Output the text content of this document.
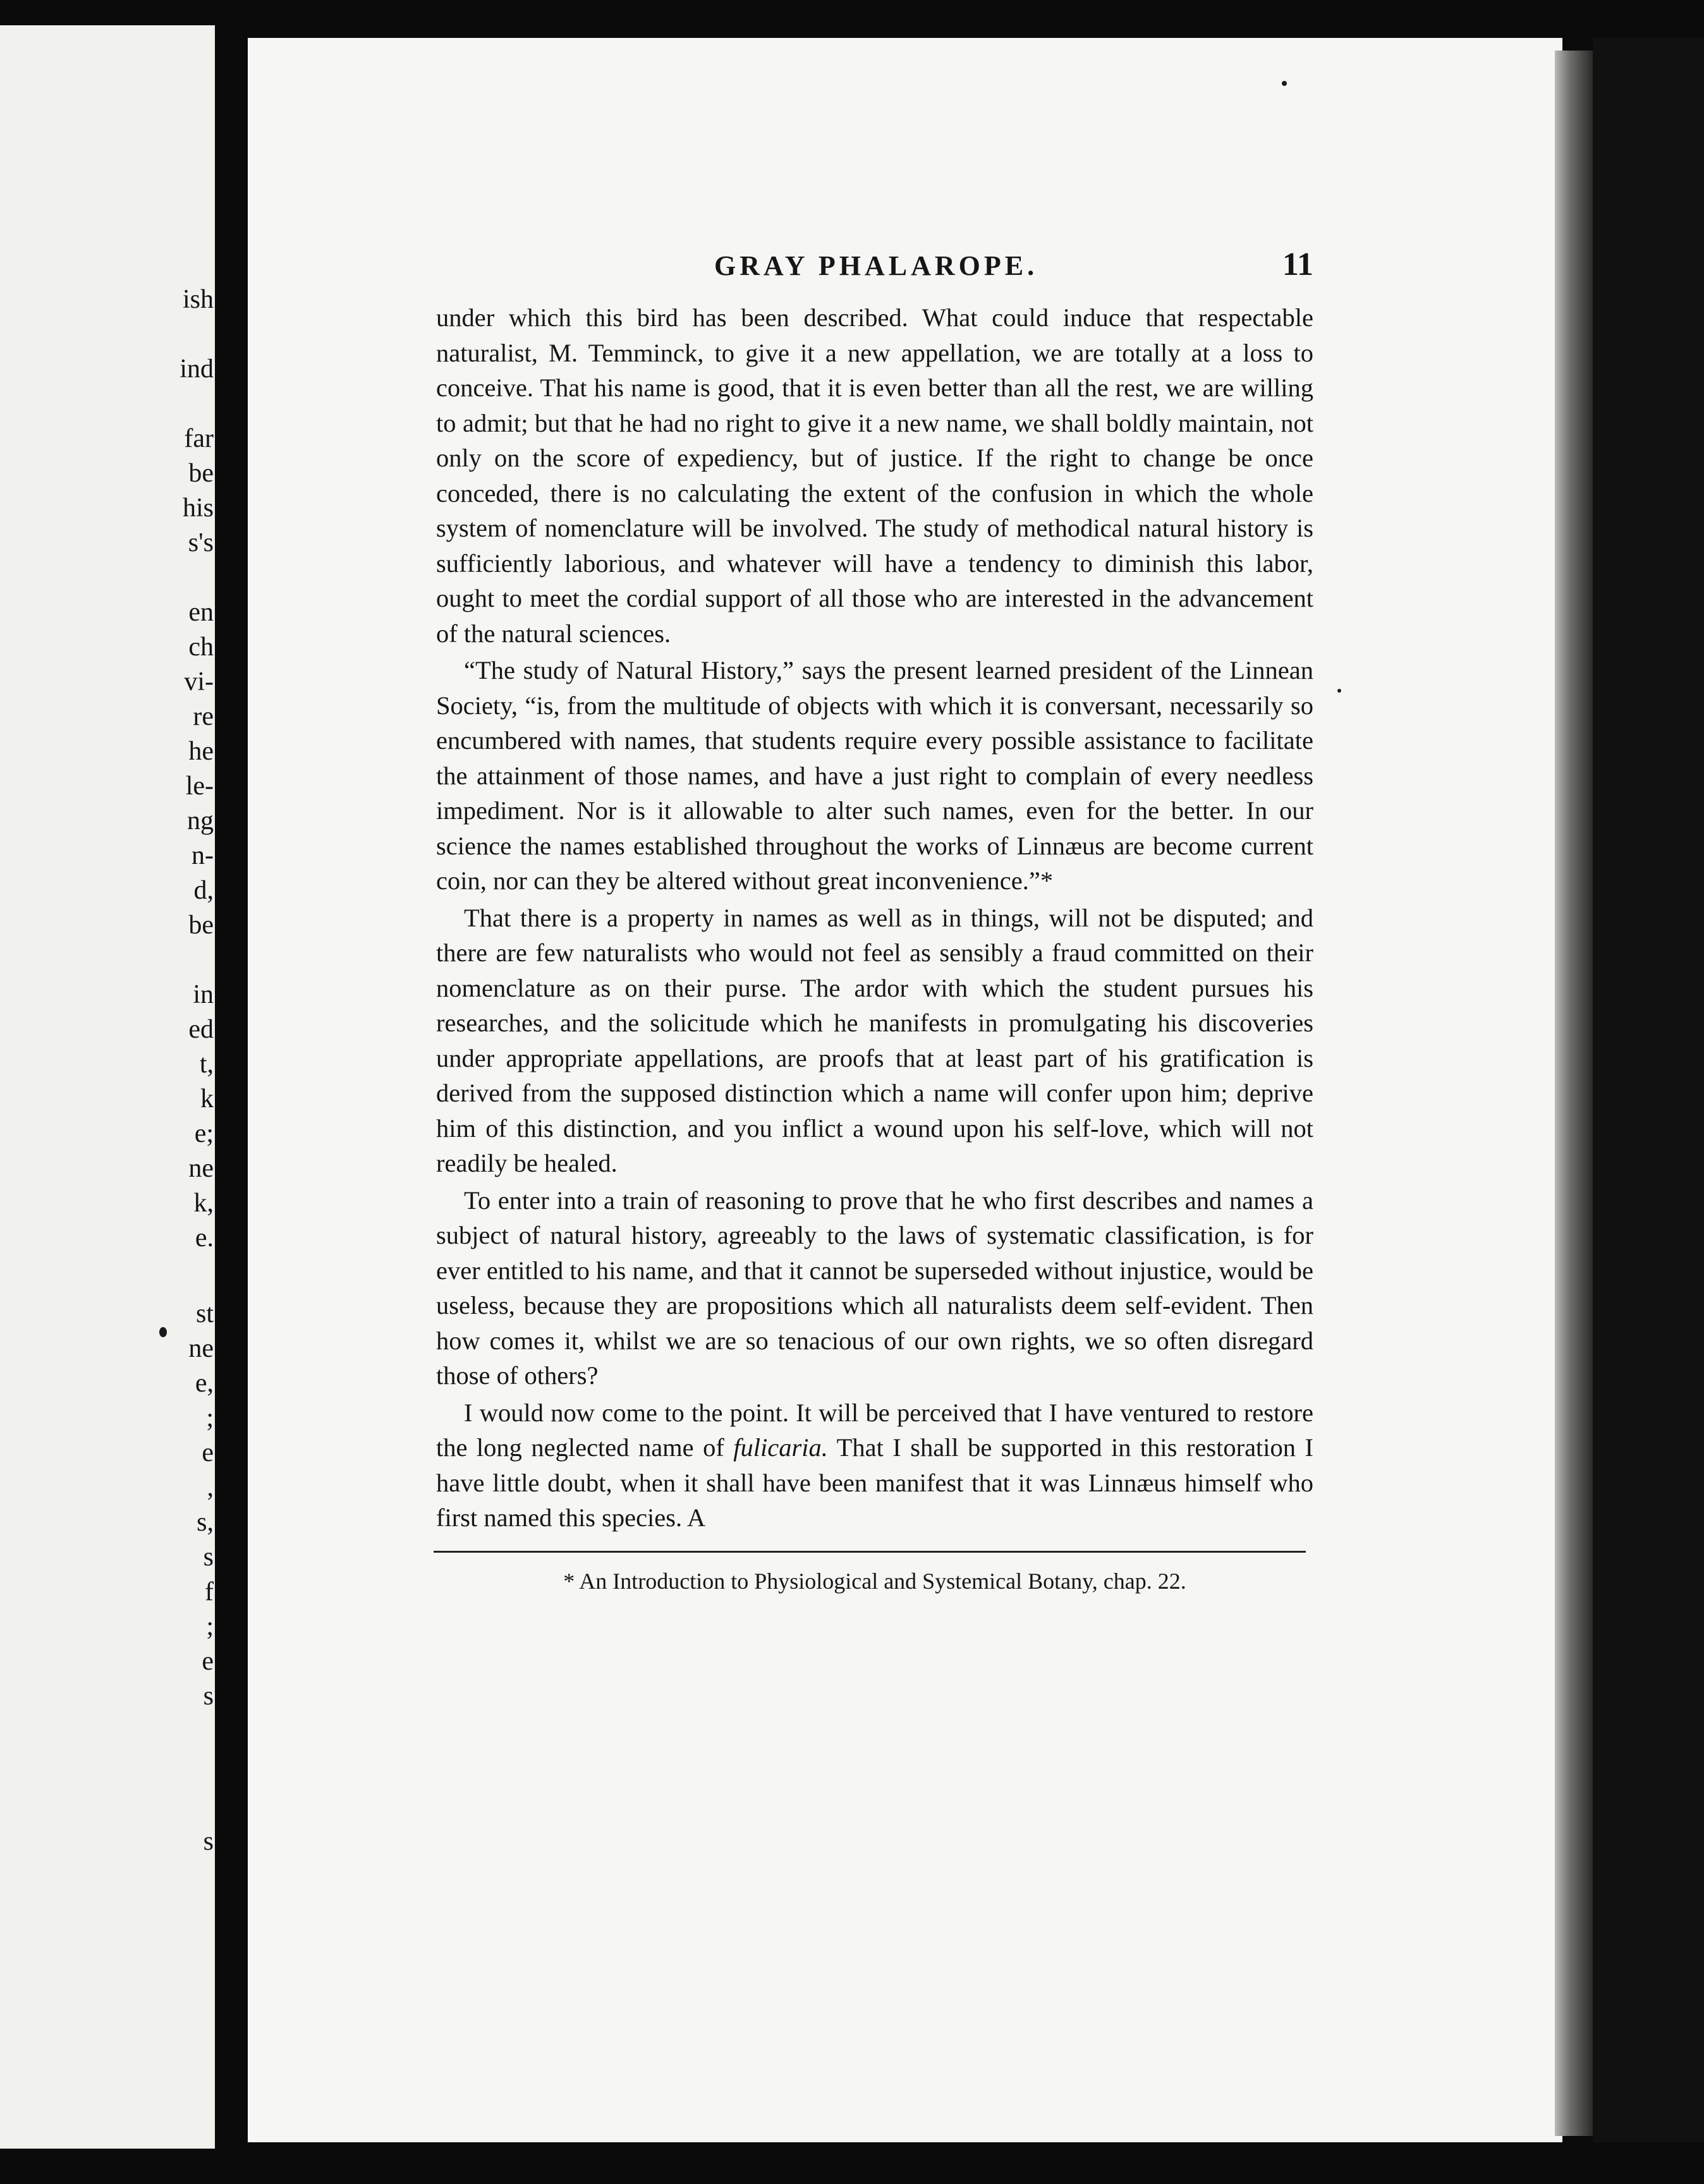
ish
ind
far
be
his
s's
en
ch
vi-
re
he
le-
ng
n-
d,
be
in
ed
t,
k
e;
ne
k,
e.
st
ne
e,
;
e
,
s,
s
f
;
e
s
s
GRAY PHALAROPE.	11

under which this bird has been described. What could induce that respectable naturalist, M. Temminck, to give it a new appellation, we are totally at a loss to conceive. That his name is good, that it is even better than all the rest, we are willing to admit; but that he had no right to give it a new name, we shall boldly maintain, not only on the score of expediency, but of justice. If the right to change be once conceded, there is no calculating the extent of the confusion in which the whole system of nomenclature will be involved. The study of methodical natural history is sufficiently laborious, and whatever will have a tendency to diminish this labor, ought to meet the cordial support of all those who are interested in the advancement of the natural sciences.

“The study of Natural History,” says the present learned president of the Linnean Society, “is, from the multitude of objects with which it is conversant, necessarily so encumbered with names, that students require every possible assistance to facilitate the attainment of those names, and have a just right to complain of every needless impediment. Nor is it allowable to alter such names, even for the better. In our science the names established throughout the works of Linnæus are become current coin, nor can they be altered without great inconvenience.”*

That there is a property in names as well as in things, will not be disputed; and there are few naturalists who would not feel as sensibly a fraud committed on their nomenclature as on their purse. The ardor with which the student pursues his researches, and the solicitude which he manifests in promulgating his discoveries under appropriate appellations, are proofs that at least part of his gratification is derived from the supposed distinction which a name will confer upon him; deprive him of this distinction, and you inflict a wound upon his self-love, which will not readily be healed.

To enter into a train of reasoning to prove that he who first describes and names a subject of natural history, agreeably to the laws of systematic classification, is for ever entitled to his name, and that it cannot be superseded without injustice, would be useless, because they are propositions which all naturalists deem self-evident. Then how comes it, whilst we are so tenacious of our own rights, we so often disregard those of others?

I would now come to the point. It will be perceived that I have ventured to restore the long neglected name of fulicaria. That I shall be supported in this restoration I have little doubt, when it shall have been manifest that it was Linnæus himself who first named this species. A

* An Introduction to Physiological and Systemical Botany, chap. 22.
